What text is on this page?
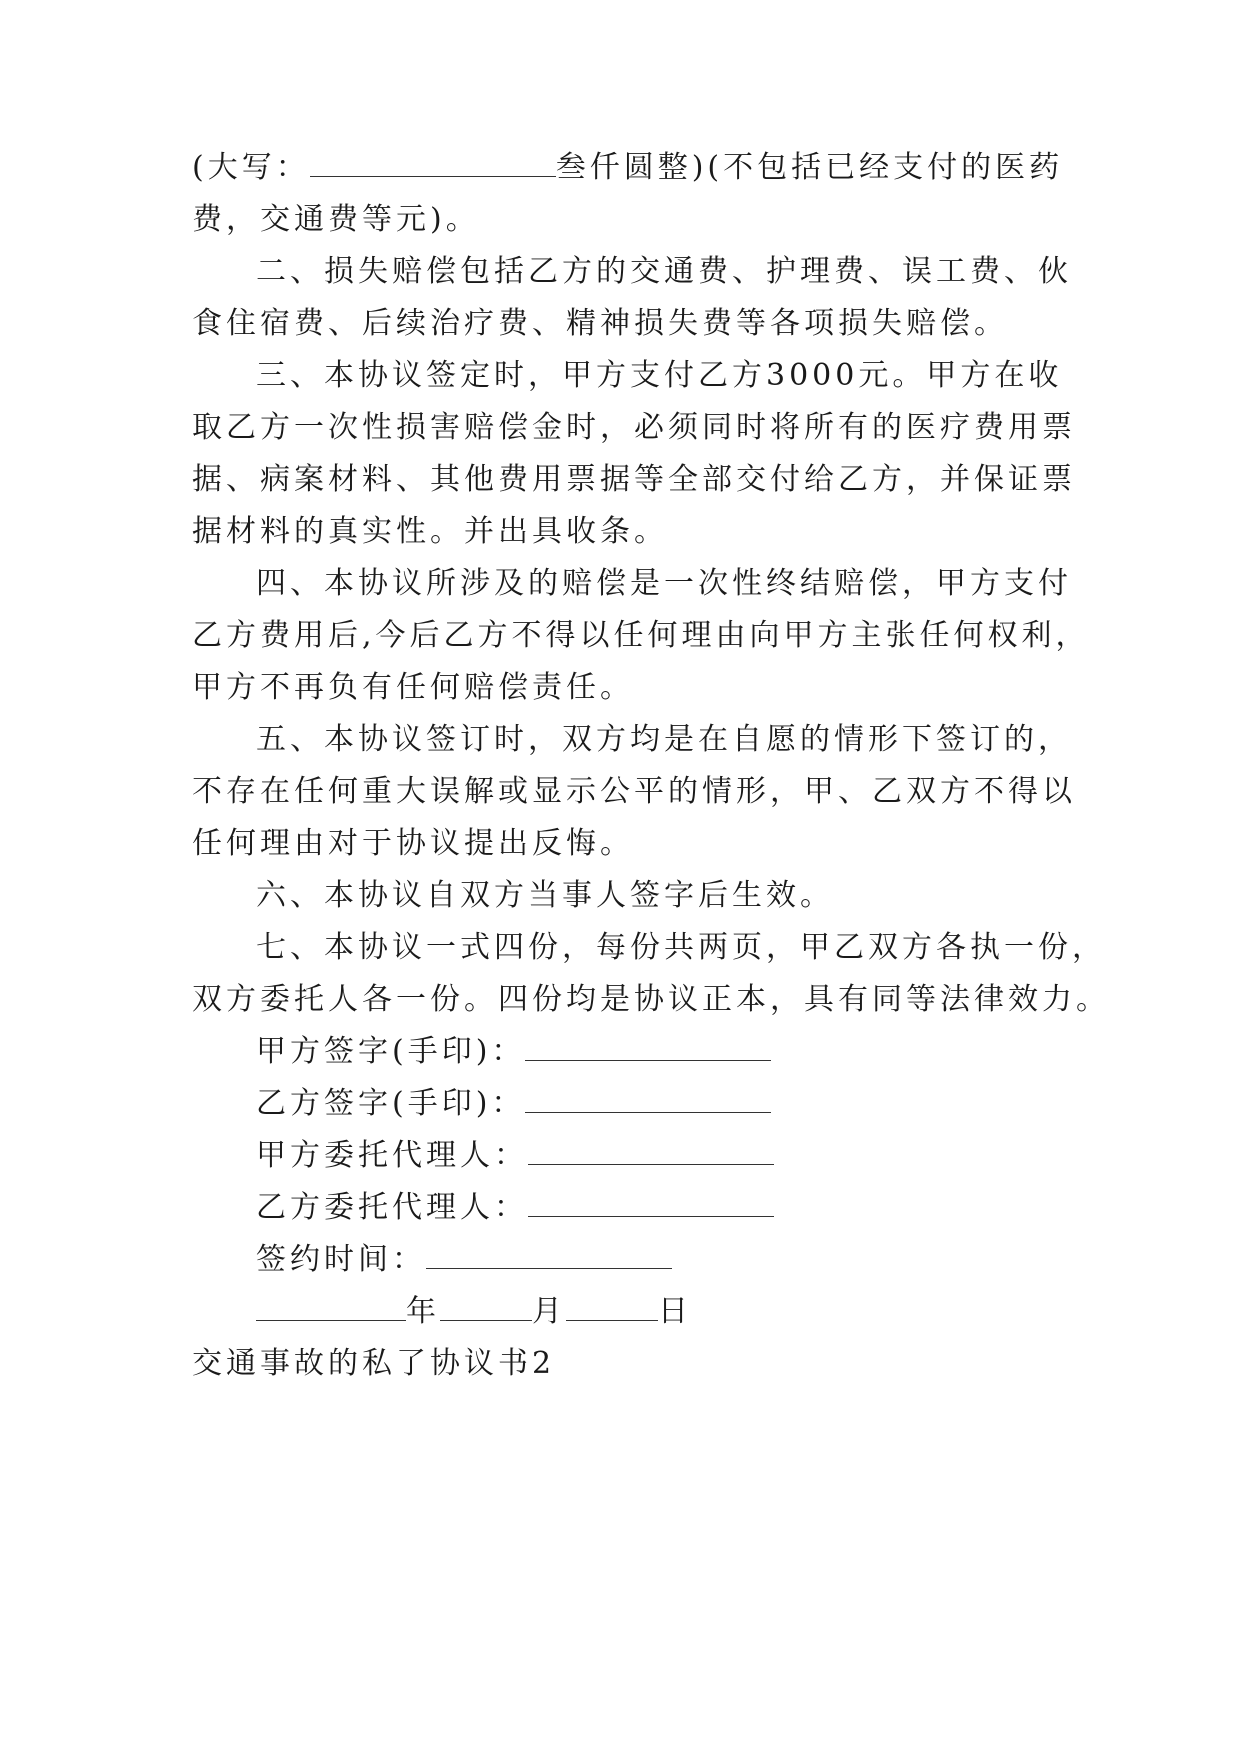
(大写：	叁仟圆整)(不包括已经支付的医药
费，交通费等元)。
二、损失赔偿包括乙方的交通费、护理费、误工费、伙
食住宿费、后续治疗费、精神损失费等各项损失赔偿。
三、本协议签定时，甲方支付乙方3000元。甲方在收
取乙方一次性损害赔偿金时，必须同时将所有的医疗费用票
据、病案材料、其他费用票据等全部交付给乙方，并保证票
据材料的真实性。并出具收条。
四、本协议所涉及的赔偿是一次性终结赔偿，甲方支付
乙方费用后,今后乙方不得以任何理由向甲方主张任何权利，
甲方不再负有任何赔偿责任。
五、本协议签订时，双方均是在自愿的情形下签订的，
不存在任何重大误解或显示公平的情形，甲、乙双方不得以
任何理由对于协议提出反悔。
六、本协议自双方当事人签字后生效。
七、本协议一式四份，每份共两页，甲乙双方各执一份，
双方委托人各一份。四份均是协议正本，具有同等法律效力。
甲方签字(手印)：
乙方签字(手印)：
甲方委托代理人：
乙方委托代理人：
签约时间：
年	月	日
交通事故的私了协议书2
